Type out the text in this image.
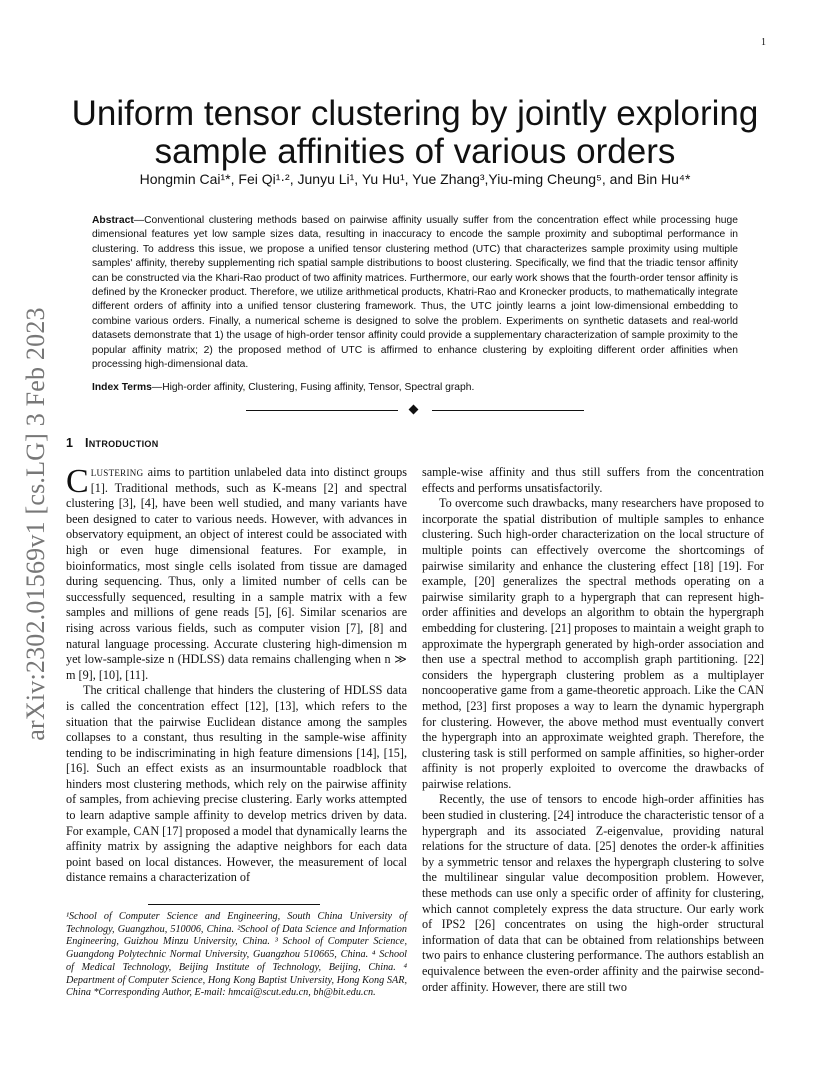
1
arXiv:2302.01569v1 [cs.LG] 3 Feb 2023
Uniform tensor clustering by jointly exploring sample affinities of various orders
Hongmin Cai¹*, Fei Qi¹·², Junyu Li¹, Yu Hu¹, Yue Zhang³,Yiu-ming Cheung⁵, and Bin Hu⁴*
Abstract—Conventional clustering methods based on pairwise affinity usually suffer from the concentration effect while processing huge dimensional features yet low sample sizes data, resulting in inaccuracy to encode the sample proximity and suboptimal performance in clustering. To address this issue, we propose a unified tensor clustering method (UTC) that characterizes sample proximity using multiple samples' affinity, thereby supplementing rich spatial sample distributions to boost clustering. Specifically, we find that the triadic tensor affinity can be constructed via the Khari-Rao product of two affinity matrices. Furthermore, our early work shows that the fourth-order tensor affinity is defined by the Kronecker product. Therefore, we utilize arithmetical products, Khatri-Rao and Kronecker products, to mathematically integrate different orders of affinity into a unified tensor clustering framework. Thus, the UTC jointly learns a joint low-dimensional embedding to combine various orders. Finally, a numerical scheme is designed to solve the problem. Experiments on synthetic datasets and real-world datasets demonstrate that 1) the usage of high-order tensor affinity could provide a supplementary characterization of sample proximity to the popular affinity matrix; 2) the proposed method of UTC is affirmed to enhance clustering by exploiting different order affinities when processing high-dimensional data.
Index Terms—High-order affinity, Clustering, Fusing affinity, Tensor, Spectral graph.
1 Introduction

Clustering aims to partition unlabeled data into distinct groups [1]. Traditional methods, such as K-means [2] and spectral clustering [3], [4], have been well studied, and many variants have been designed to cater to various needs. However, with advances in observatory equipment, an object of interest could be associated with high or even huge dimensional features. For example, in bioinformatics, most single cells isolated from tissue are damaged during sequencing. Thus, only a limited number of cells can be successfully sequenced, resulting in a sample matrix with a few samples and millions of gene reads [5], [6]. Similar scenarios are rising across various fields, such as computer vision [7], [8] and natural language processing. Accurate clustering high-dimension m yet low-sample-size n (HDLSS) data remains challenging when n ≫ m [9], [10], [11].

The critical challenge that hinders the clustering of HDLSS data is called the concentration effect [12], [13], which refers to the situation that the pairwise Euclidean distance among the samples collapses to a constant, thus resulting in the sample-wise affinity tending to be indiscriminating in high feature dimensions [14], [15], [16]. Such an effect exists as an insurmountable roadblock that hinders most clustering methods, which rely on the pairwise affinity of samples, from achieving precise clustering. Early works attempted to learn adaptive sample affinity to develop metrics driven by data. For example, CAN [17] proposed a model that dynamically learns the affinity matrix by assigning the adaptive neighbors for each data point based on local distances. However, the measurement of local distance remains a characterization of

sample-wise affinity and thus still suffers from the concentration effects and performs unsatisfactorily.

To overcome such drawbacks, many researchers have proposed to incorporate the spatial distribution of multiple samples to enhance clustering. Such high-order characterization on the local structure of multiple points can effectively overcome the shortcomings of pairwise similarity and enhance the clustering effect [18] [19]. For example, [20] generalizes the spectral methods operating on a pairwise similarity graph to a hypergraph that can represent high-order affinities and develops an algorithm to obtain the hypergraph embedding for clustering. [21] proposes to maintain a weight graph to approximate the hypergraph generated by high-order association and then use a spectral method to accomplish graph partitioning. [22] considers the hypergraph clustering problem as a multiplayer noncooperative game from a game-theoretic approach. Like the CAN method, [23] first proposes a way to learn the dynamic hypergraph for clustering. However, the above method must eventually convert the hypergraph into an approximate weighted graph. Therefore, the clustering task is still performed on sample affinities, so higher-order affinity is not properly exploited to overcome the drawbacks of pairwise relations.

Recently, the use of tensors to encode high-order affinities has been studied in clustering. [24] introduce the characteristic tensor of a hypergraph and its associated Z-eigenvalue, providing natural relations for the structure of data. [25] denotes the order-k affinities by a symmetric tensor and relaxes the hypergraph clustering to solve the multilinear singular value decomposition problem. However, these methods can use only a specific order of affinity for clustering, which cannot completely express the data structure. Our early work of IPS2 [26] concentrates on using the high-order structural information of data that can be obtained from relationships between two pairs to enhance clustering performance. The authors establish an equivalence between the even-order affinity and the pairwise second-order affinity. However, there are still two

¹School of Computer Science and Engineering, South China University of Technology, Guangzhou, 510006, China. ²School of Data Science and Information Engineering, Guizhou Minzu University, China. ³ School of Computer Science, Guangdong Polytechnic Normal University, Guangzhou 510665, China. ⁴ School of Medical Technology, Beijing Institute of Technology, Beijing, China. ⁴ Department of Computer Science, Hong Kong Baptist University, Hong Kong SAR, China *Corresponding Author, E-mail: hmcai@scut.edu.cn, bh@bit.edu.cn.
